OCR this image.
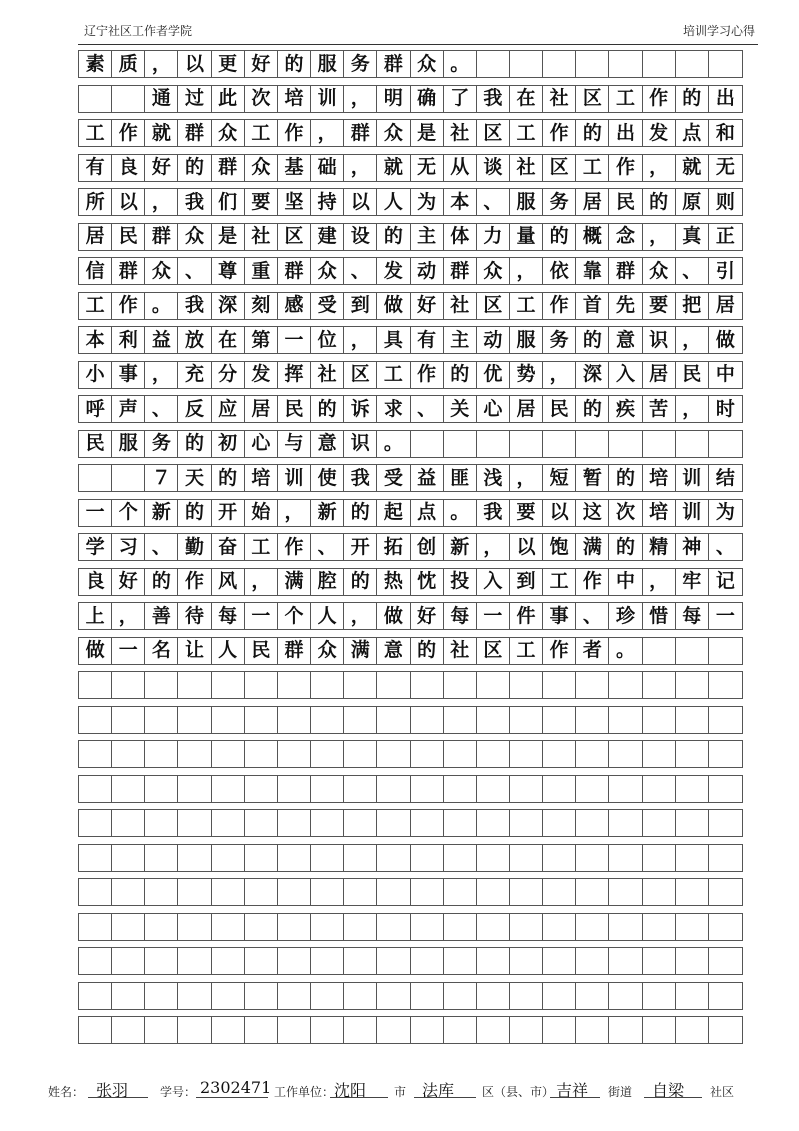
辽宁社区工作者学院	培训学习心得
素 质 ， 以 更 好 的 服 务 群 众 。
通 过 此 次 培 训 ， 明 确 了 我 在 社 区 工 作 的 出
工 作 就 群 众 工 作 ， 群 众 是 社 区 工 作 的 出 发 点 和
有 良 好 的 群 众 基 础 ， 就 无 从 谈 社 区 工 作 ， 就 无
所 以 ， 我 们 要 坚 持 以 人 为 本 、 服 务 居 民 的 原 则
居 民 群 众 是 社 区 建 设 的 主 体 力 量 的 概 念 ， 真 正
信 群 众 、 尊 重 群 众 、 发 动 群 众 ， 依 靠 群 众 、 引
工 作 。 我 深 刻 感 受 到 做 好 社 区 工 作 首 先 要 把 居
本 利 益 放 在 第 一 位 ， 具 有 主 动 服 务 的 意 识 ， 做
小 事 ， 充 分 发 挥 社 区 工 作 的 优 势 ， 深 入 居 民 中
呼 声 、 反 应 居 民 的 诉 求 、 关 心 居 民 的 疾 苦 ， 时
民 服 务 的 初 心 与 意 识 。
７ 天 的 培 训 使 我 受 益 匪 浅 ， 短 暂 的 培 训 结
一 个 新 的 开 始 ， 新 的 起 点 。 我 要 以 这 次 培 训 为
学 习 、 勤 奋 工 作 、 开 拓 创 新 ， 以 饱 满 的 精 神 、
良 好 的 作 风 ， 满 腔 的 热 忱 投 入 到 工 作 中 ， 牢 记
上 ， 善 待 每 一 个 人 ， 做 好 每 一 件 事 、 珍 惜 每 一
做 一 名 让 人 民 群 众 满 意 的 社 区 工 作 者 。
姓名： 张羽	学号： 2302471 工作单位： 沈阳 市 法库 区（县、市） 吉祥 街道 自梁 社区
